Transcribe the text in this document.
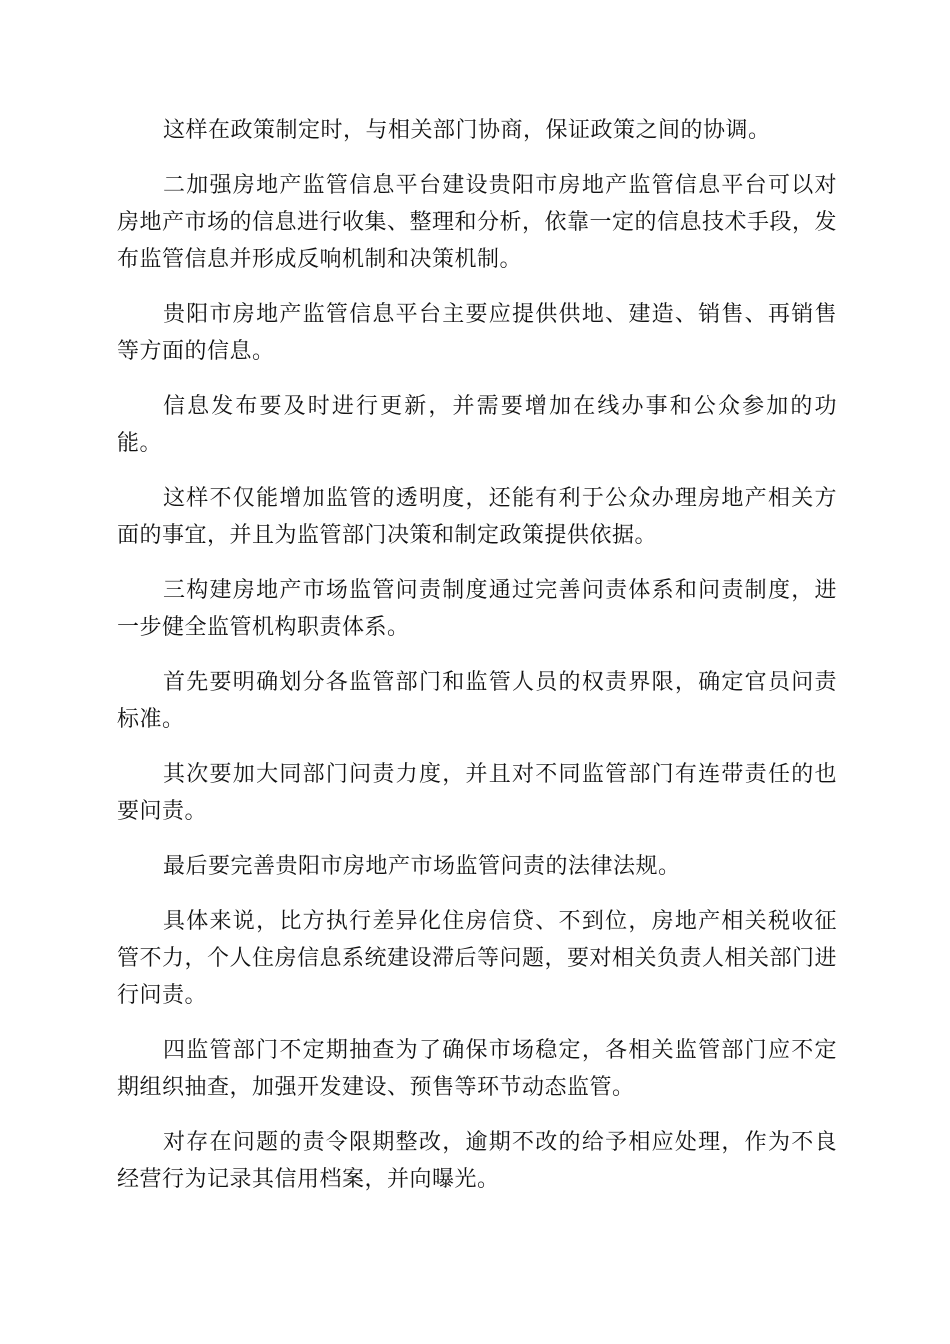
这样在政策制定时，与相关部门协商，保证政策之间的协调。

二加强房地产监管信息平台建设贵阳市房地产监管信息平台可以对房地产市场的信息进行收集、整理和分析，依靠一定的信息技术手段，发布监管信息并形成反响机制和决策机制。

贵阳市房地产监管信息平台主要应提供供地、建造、销售、再销售等方面的信息。

信息发布要及时进行更新，并需要增加在线办事和公众参加的功能。

这样不仅能增加监管的透明度，还能有利于公众办理房地产相关方面的事宜，并且为监管部门决策和制定政策提供依据。

三构建房地产市场监管问责制度通过完善问责体系和问责制度，进一步健全监管机构职责体系。

首先要明确划分各监管部门和监管人员的权责界限，确定官员问责标准。

其次要加大同部门问责力度，并且对不同监管部门有连带责任的也要问责。

最后要完善贵阳市房地产市场监管问责的法律法规。

具体来说，比方执行差异化住房信贷、不到位，房地产相关税收征管不力，个人住房信息系统建设滞后等问题，要对相关负责人相关部门进行问责。

四监管部门不定期抽查为了确保市场稳定，各相关监管部门应不定期组织抽查，加强开发建设、预售等环节动态监管。

对存在问题的责令限期整改，逾期不改的给予相应处理，作为不良经营行为记录其信用档案，并向曝光。
